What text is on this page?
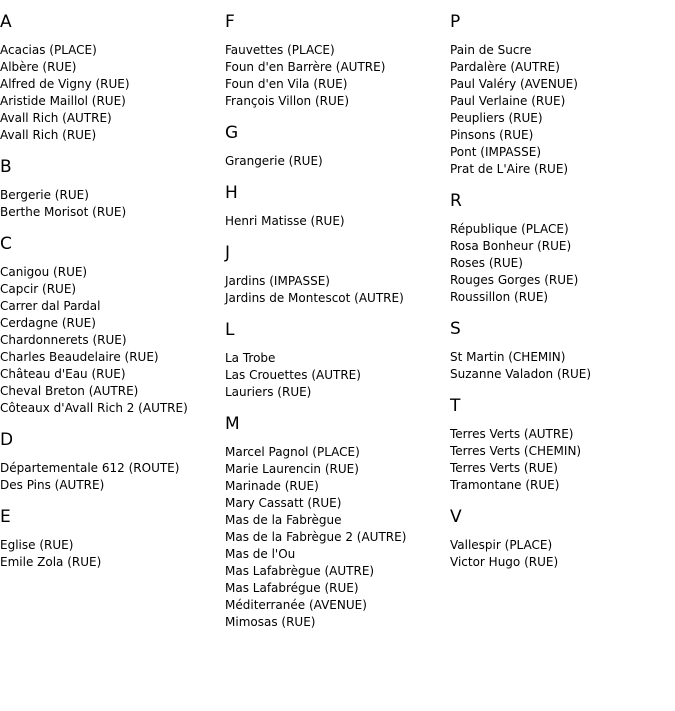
A
Acacias (PLACE)
Albère (RUE)
Alfred de Vigny (RUE)
Aristide Maillol (RUE)
Avall Rich (AUTRE)
Avall Rich (RUE)
B
Bergerie (RUE)
Berthe Morisot (RUE)
C
Canigou (RUE)
Capcir (RUE)
Carrer dal Pardal
Cerdagne (RUE)
Chardonnerets (RUE)
Charles Beaudelaire (RUE)
Château d'Eau (RUE)
Cheval Breton (AUTRE)
Côteaux d'Avall Rich 2 (AUTRE)
D
Départementale 612 (ROUTE)
Des Pins (AUTRE)
E
Eglise (RUE)
Emile Zola (RUE)
F
Fauvettes (PLACE)
Foun d'en Barrère (AUTRE)
Foun d'en Vila (RUE)
François Villon (RUE)
G
Grangerie (RUE)
H
Henri Matisse (RUE)
J
Jardins (IMPASSE)
Jardins de Montescot (AUTRE)
L
La Trobe
Las Crouettes (AUTRE)
Lauriers (RUE)
M
Marcel Pagnol (PLACE)
Marie Laurencin (RUE)
Marinade (RUE)
Mary Cassatt (RUE)
Mas de la Fabrègue
Mas de la Fabrègue 2 (AUTRE)
Mas de l'Ou
Mas Lafabrègue (AUTRE)
Mas Lafabrégue (RUE)
Méditerranée (AVENUE)
Mimosas (RUE)
P
Pain de Sucre
Pardalère (AUTRE)
Paul Valéry (AVENUE)
Paul Verlaine (RUE)
Peupliers (RUE)
Pinsons (RUE)
Pont (IMPASSE)
Prat de L'Aire (RUE)
R
République (PLACE)
Rosa Bonheur (RUE)
Roses (RUE)
Rouges Gorges (RUE)
Roussillon (RUE)
S
St Martin (CHEMIN)
Suzanne Valadon (RUE)
T
Terres Verts (AUTRE)
Terres Verts (CHEMIN)
Terres Verts (RUE)
Tramontane (RUE)
V
Vallespir (PLACE)
Victor Hugo (RUE)
